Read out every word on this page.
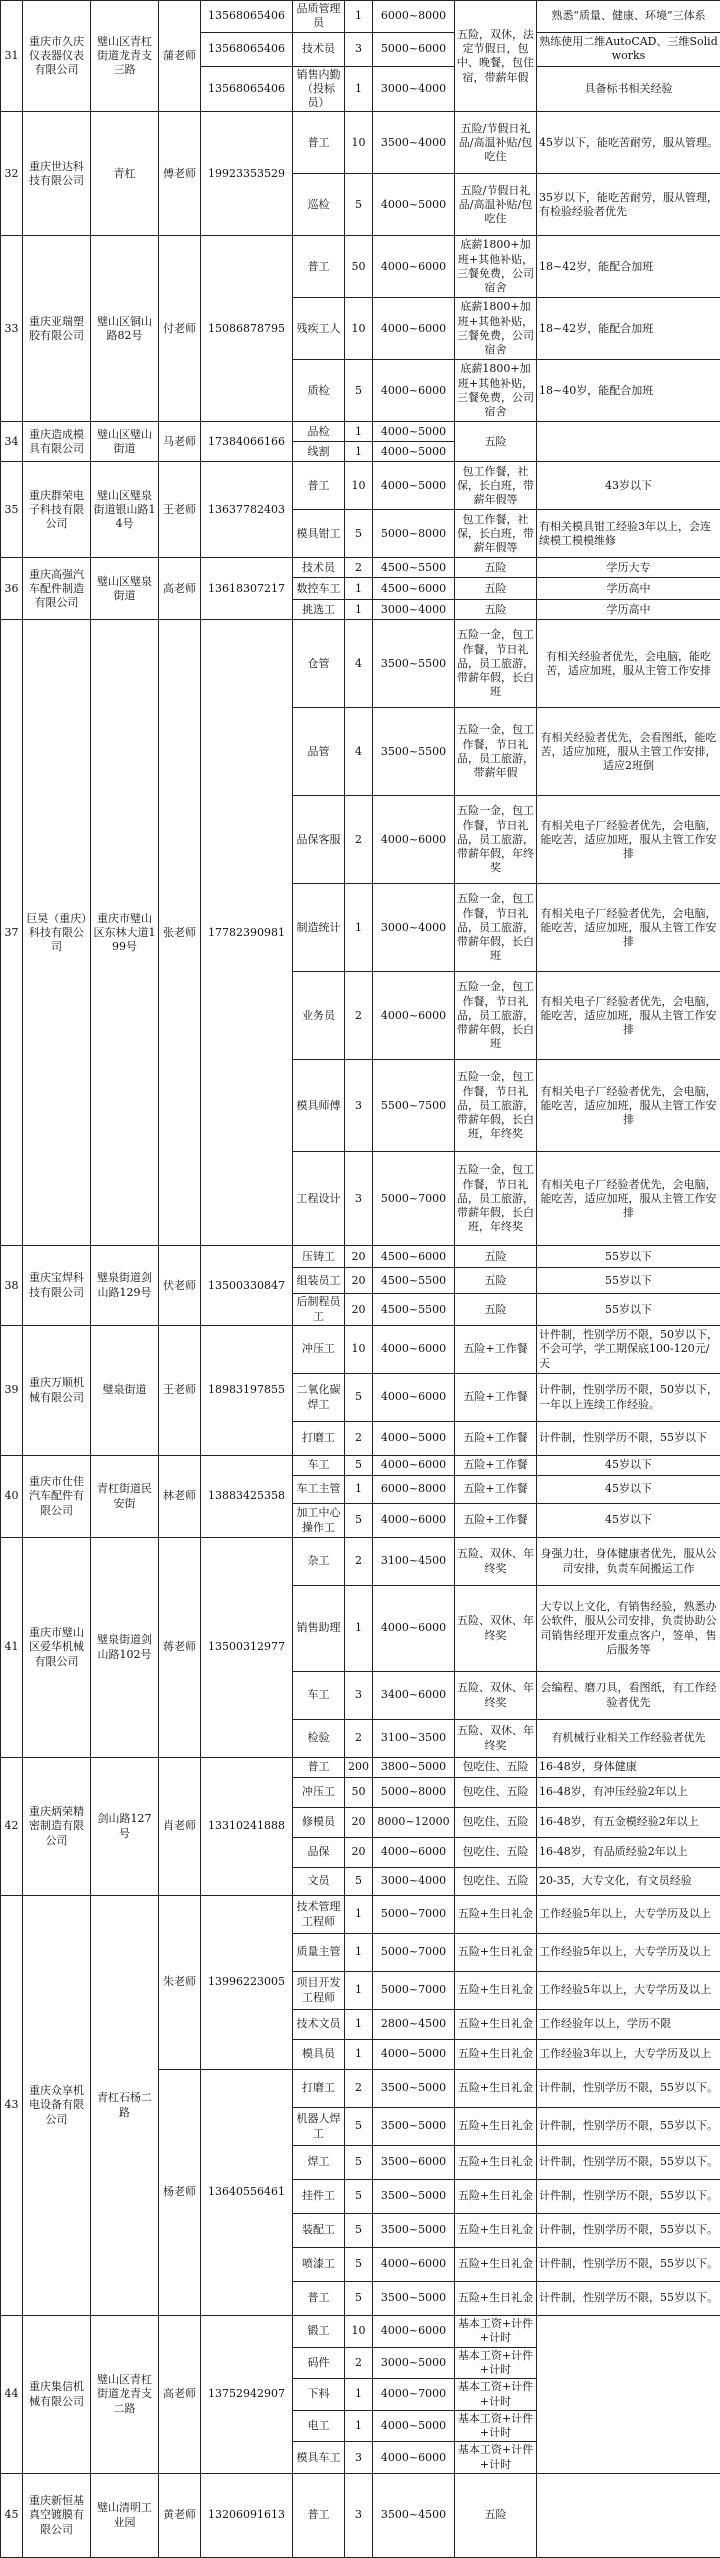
31	重庆市久庆仪表器仪表有限公司	璧山区青杠街道龙青支三路	蒲老师	13568065406	品质管理员	1	6000~8000	五险，双休，法定节假日，包中、晚餐，包住宿，带薪年假	熟悉“质量、健康、环境”三体系
				13568065406	技术员	3	5000~6000		熟练使用二维AutoCAD、三维Solidworks
				13568065406	销售内勤（投标员）	1	3000~4000		具备标书相关经验
32	重庆世达科技有限公司	青杠	傅老师	19923353529	普工	10	3500~4000	五险/节假日礼品/高温补贴/包吃住	45岁以下，能吃苦耐劳，服从管理。
					巡检	5	4000~5000	五险/节假日礼品/高温补贴/包吃住	35岁以下，能吃苦耐劳，服从管理，有检验经验者优先
33	重庆亚瑞塑胶有限公司	璧山区铜山路82号	付老师	15086878795	普工	50	4000~6000	底薪1800+加班+其他补贴，三餐免费，公司宿舍	18~42岁，能配合加班
					残疾工人	10	4000~6000	底薪1800+加班+其他补贴，三餐免费，公司宿舍	18~42岁，能配合加班
					质检	5	4000~6000	底薪1800+加班+其他补贴，三餐免费，公司宿舍	18~40岁，能配合加班
34	重庆造成模具有限公司	璧山区璧山街道	马老师	17384066166	品检	1	4000~5000	五险	
					线割	1	4000~5000		
35	重庆群荣电子科技有限公司	璧山区璧泉街道银山路14号	王老师	13637782403	普工	10	4000~5000	包工作餐，社保，长白班，带薪年假等	43岁以下
					模具钳工	5	5000~8000	包工作餐，社保，长白班，带薪年假等	有相关模具钳工经验3年以上，会连续模工模模维修
36	重庆高强汽车配件制造有限公司	璧山区璧泉街道	高老师	13618307217	技术员	2	4500~5500	五险	学历大专
					数控车工	1	4500~6000	五险	学历高中
					挑选工	1	3000~4000	五险	学历高中
37	巨昊（重庆）科技有限公司	重庆市璧山区东林大道199号	张老师	17782390981	仓管	4	3500~5500	五险一金，包工作餐，节日礼品，员工旅游，带薪年假，长白班	有相关经验者优先，会电脑，能吃苦，适应加班，服从主管工作安排
					品管	4	3500~5500	五险一金，包工作餐，节日礼品，员工旅游，带薪年假	有相关经验者优先，会看图纸，能吃苦，适应加班，服从主管工作安排，适应2班倒
					品保客服	2	4000~6000	五险一金，包工作餐，节日礼品，员工旅游，带薪年假，年终奖	有相关电子厂经验者优先，会电脑，能吃苦，适应加班，服从主管工作安排
					制造统计	1	3000~4000	五险一金，包工作餐，节日礼品，员工旅游，带薪年假，长白班	有相关电子厂经验者优先，会电脑，能吃苦，适应加班，服从主管工作安排
					业务员	2	4000~6000	五险一金，包工作餐，节日礼品，员工旅游，带薪年假，长白班	有相关电子厂经验者优先，会电脑，能吃苦，适应加班，服从主管工作安排
					模具师傅	3	5500~7500	五险一金，包工作餐，节日礼品，员工旅游，带薪年假，长白班，年终奖	有相关电子厂经验者优先，会电脑，能吃苦，适应加班，服从主管工作安排
					工程设计	3	5000~7000	五险一金，包工作餐，节日礼品，员工旅游，带薪年假，长白班，年终奖	有相关电子厂经验者优先，会电脑，能吃苦，适应加班，服从主管工作安排
38	重庆宝焊科技有限公司	璧泉街道剑山路129号	伏老师	13500330847	压铸工	20	4500~6000	五险	55岁以下
					组装员工	20	4500~5500	五险	55岁以下
					后制程员工	20	4500~5500	五险	55岁以下
39	重庆万顺机械有限公司	璧泉街道	王老师	18983197855	冲压工	10	4000~6000	五险+工作餐	计件制，性别学历不限，50岁以下，不会可学，学工期保底100-120元/天
					二氧化碳焊工	5	4000~6000	五险+工作餐	计件制，性别学历不限，50岁以下，一年以上连续工作经验。
					打磨工	2	4000~5000	五险+工作餐	计件制，性别学历不限，55岁以下
40	重庆市仕佳汽车配件有限公司	青杠街道民安街	林老师	13883425358	车工	5	4000~6000	五险+工作餐	45岁以下
					车工主管	1	6000~8000	五险+工作餐	45岁以下
					加工中心操作工	5	4000~6000	五险+工作餐	45岁以下
41	重庆市璧山区爱华机械有限公司	璧泉街道剑山路102号	蒋老师	13500312977	杂工	2	3100~4500	五险、双休、年终奖	身强力壮，身体健康者优先，服从公司安排，负责车间搬运工作
					销售助理	1	4000~6000	五险、双休、年终奖	大专以上文化，有销售经验，熟悉办公软件，服从公司安排，负责协助公司销售经理开发重点客户，签单，售后服务等
					车工	3	3400~6000	五险、双休、年终奖	会编程、磨刀具，看图纸，有工作经验者优先
					检验	2	3100~3500	五险、双休、年终奖	有机械行业相关工作经验者优先
42	重庆炳荣精密制造有限公司	剑山路127号	肖老师	13310241888	普工	200	3800~5000	包吃住、五险	16-48岁，身体健康
					冲压工	50	5000~8000	包吃住、五险	16-48岁，有冲压经验2年以上
					修模员	20	8000~12000	包吃住、五险	16-48岁，有五金模经验2年以上
					品保	20	4000~6000	包吃住、五险	16-48岁，有品质经验2年以上
					文员	5	3000~4000	包吃住、五险	20-35，大专文化，有文员经验
43	重庆众享机电设备有限公司	青杠石杨二路	朱老师	13996223005	技术管理工程师	1	5000~7000	五险+生日礼金	工作经验5年以上，大专学历及以上
					质量主管	1	5000~7000	五险+生日礼金	工作经验5年以上，大专学历及以上
					项目开发工程师	1	5000~7000	五险+生日礼金	工作经验5年以上，大专学历及以上
					技术文员	1	2800~4500	五险+生日礼金	工作经验年以上，学历不限
					模具员	1	4000~5000	五险+生日礼金	工作经验3年以上，大专学历及以上
			杨老师	13640556461	打磨工	2	3500~5000	五险+生日礼金	计件制，性别学历不限，55岁以下。
					机器人焊工	5	3500~5000	五险+生日礼金	计件制，性别学历不限，55岁以下。
					焊工	5	3500~6000	五险+生日礼金	计件制，性别学历不限，55岁以下。
					挂件工	5	3500~5000	五险+生日礼金	计件制，性别学历不限，55岁以下。
					装配工	5	3500~5000	五险+生日礼金	计件制，性别学历不限，55岁以下。
					喷漆工	5	4000~6000	五险+生日礼金	计件制，性别学历不限，55岁以下。
					普工	5	3500~5000	五险+生日礼金	计件制，性别学历不限，55岁以下。
44	重庆集信机械有限公司	璧山区青杠街道龙青支二路	高老师	13752942907	锻工	10	4000~6000	基本工资+计件+计时	
					码件	2	3000~5000	基本工资+计件+计时	
					下料	1	4000~7000	基本工资+计件+计时	
					电工	1	4000~5000	基本工资+计件+计时	
					模具车工	3	4000~6000	基本工资+计件+计时	
45	重庆新恒基真空镀膜有限公司	璧山清明工业园	黄老师	13206091613	普工	3	3500~4500	五险	
